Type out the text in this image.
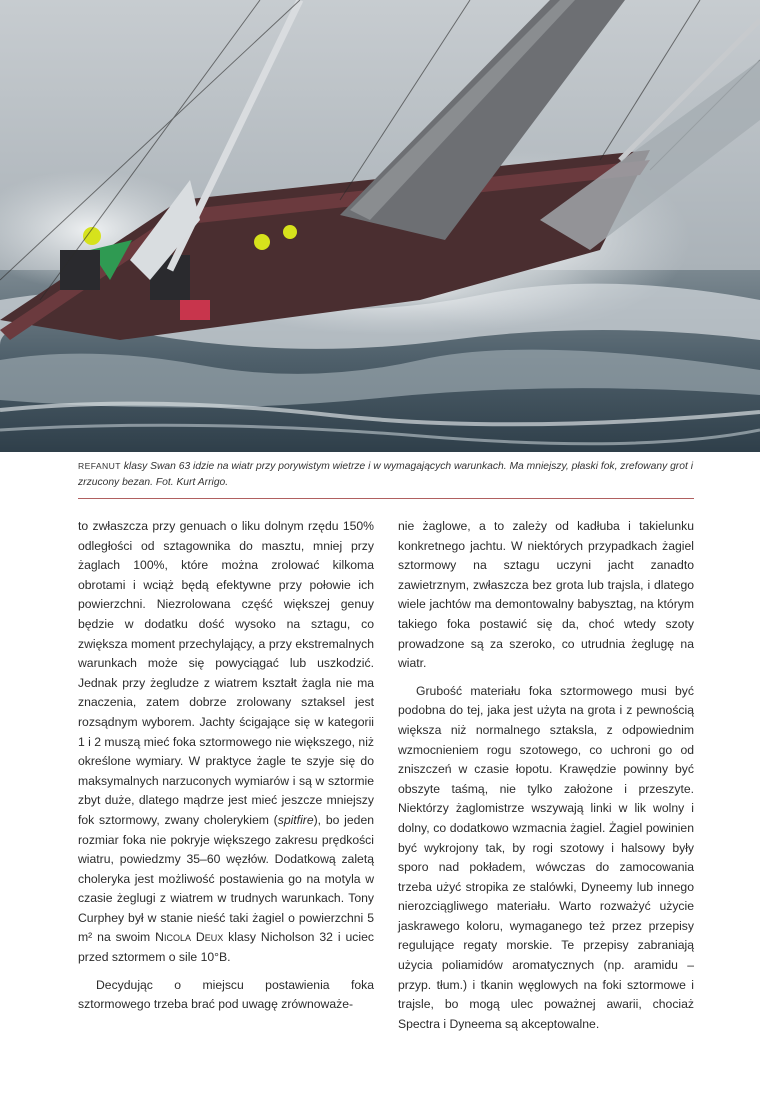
REFANUT klasy Swan 63 idzie na wiatr przy porywistym wietrze i w wymagających warunkach. Ma mniejszy, płaski fok, zrefowany grot i zrzucony bezan. Fot. Kurt Arrigo.

to zwłaszcza przy genuach o liku dolnym rzędu 150% odległości od sztagownika do masztu, mniej przy żaglach 100%, które można zrolować kilkoma obrotami i wciąż będą efektywne przy połowie ich powierzchni. Niezrolowana część większej genuy będzie w dodatku dość wysoko na sztagu, co zwiększa moment przechylający, a przy ekstremalnych warunkach może się powyciągać lub uszkodzić. Jednak przy żegludze z wiatrem kształt żagla nie ma znaczenia, zatem dobrze zrolowany sztaksel jest rozsądnym wyborem. Jachty ścigające się w kategorii 1 i 2 muszą mieć foka sztormowego nie większego, niż określone wymiary. W praktyce żagle te szyje się do maksymalnych narzuconych wymiarów i są w sztormie zbyt duże, dlatego mądrze jest mieć jeszcze mniejszy fok sztormowy, zwany cholerykiem (spitfire), bo jeden rozmiar foka nie pokryje większego zakresu prędkości wiatru, powiedzmy 35–60 węzłów. Dodatkową zaletą choleryka jest możliwość postawienia go na motyla w czasie żeglugi z wiatrem w trudnych warunkach. Tony Curphey był w stanie nieść taki żagiel o powierzchni 5 m² na swoim Nicola Deux klasy Nicholson 32 i uciec przed sztormem o sile 10°B.

Decydując o miejscu postawienia foka sztormowego trzeba brać pod uwagę zrównoważe-

nie żaglowe, a to zależy od kadłuba i takielunku konkretnego jachtu. W niektórych przypadkach żagiel sztormowy na sztagu uczyni jacht zanadto zawietrznym, zwłaszcza bez grota lub trajsla, i dlatego wiele jachtów ma demontowalny babysztag, na którym takiego foka postawić się da, choć wtedy szoty prowadzone są za szeroko, co utrudnia żeglugę na wiatr.

Grubość materiału foka sztormowego musi być podobna do tej, jaka jest użyta na grota i z pewnością większa niż normalnego sztaksla, z odpowiednim wzmocnieniem rogu szotowego, co uchroni go od zniszczeń w czasie łopotu. Krawędzie powinny być obszyte taśmą, nie tylko założone i przeszyte. Niektórzy żaglomistrze wszywają linki w lik wolny i dolny, co dodatkowo wzmacnia żagiel. Żagiel powinien być wykrojony tak, by rogi szotowy i halsowy były sporo nad pokładem, wówczas do zamocowania trzeba użyć stropika ze stalówki, Dyneemy lub innego nierozciągliwego materiału. Warto rozważyć użycie jaskrawego koloru, wymaganego też przez przepisy regulujące regaty morskie. Te przepisy zabraniają użycia poliamidów aromatycznych (np. aramidu – przyp. tłum.) i tkanin węglowych na foki sztormowe i trajsle, bo mogą ulec poważnej awarii, chociaż Spectra i Dyneema są akceptowalne.
